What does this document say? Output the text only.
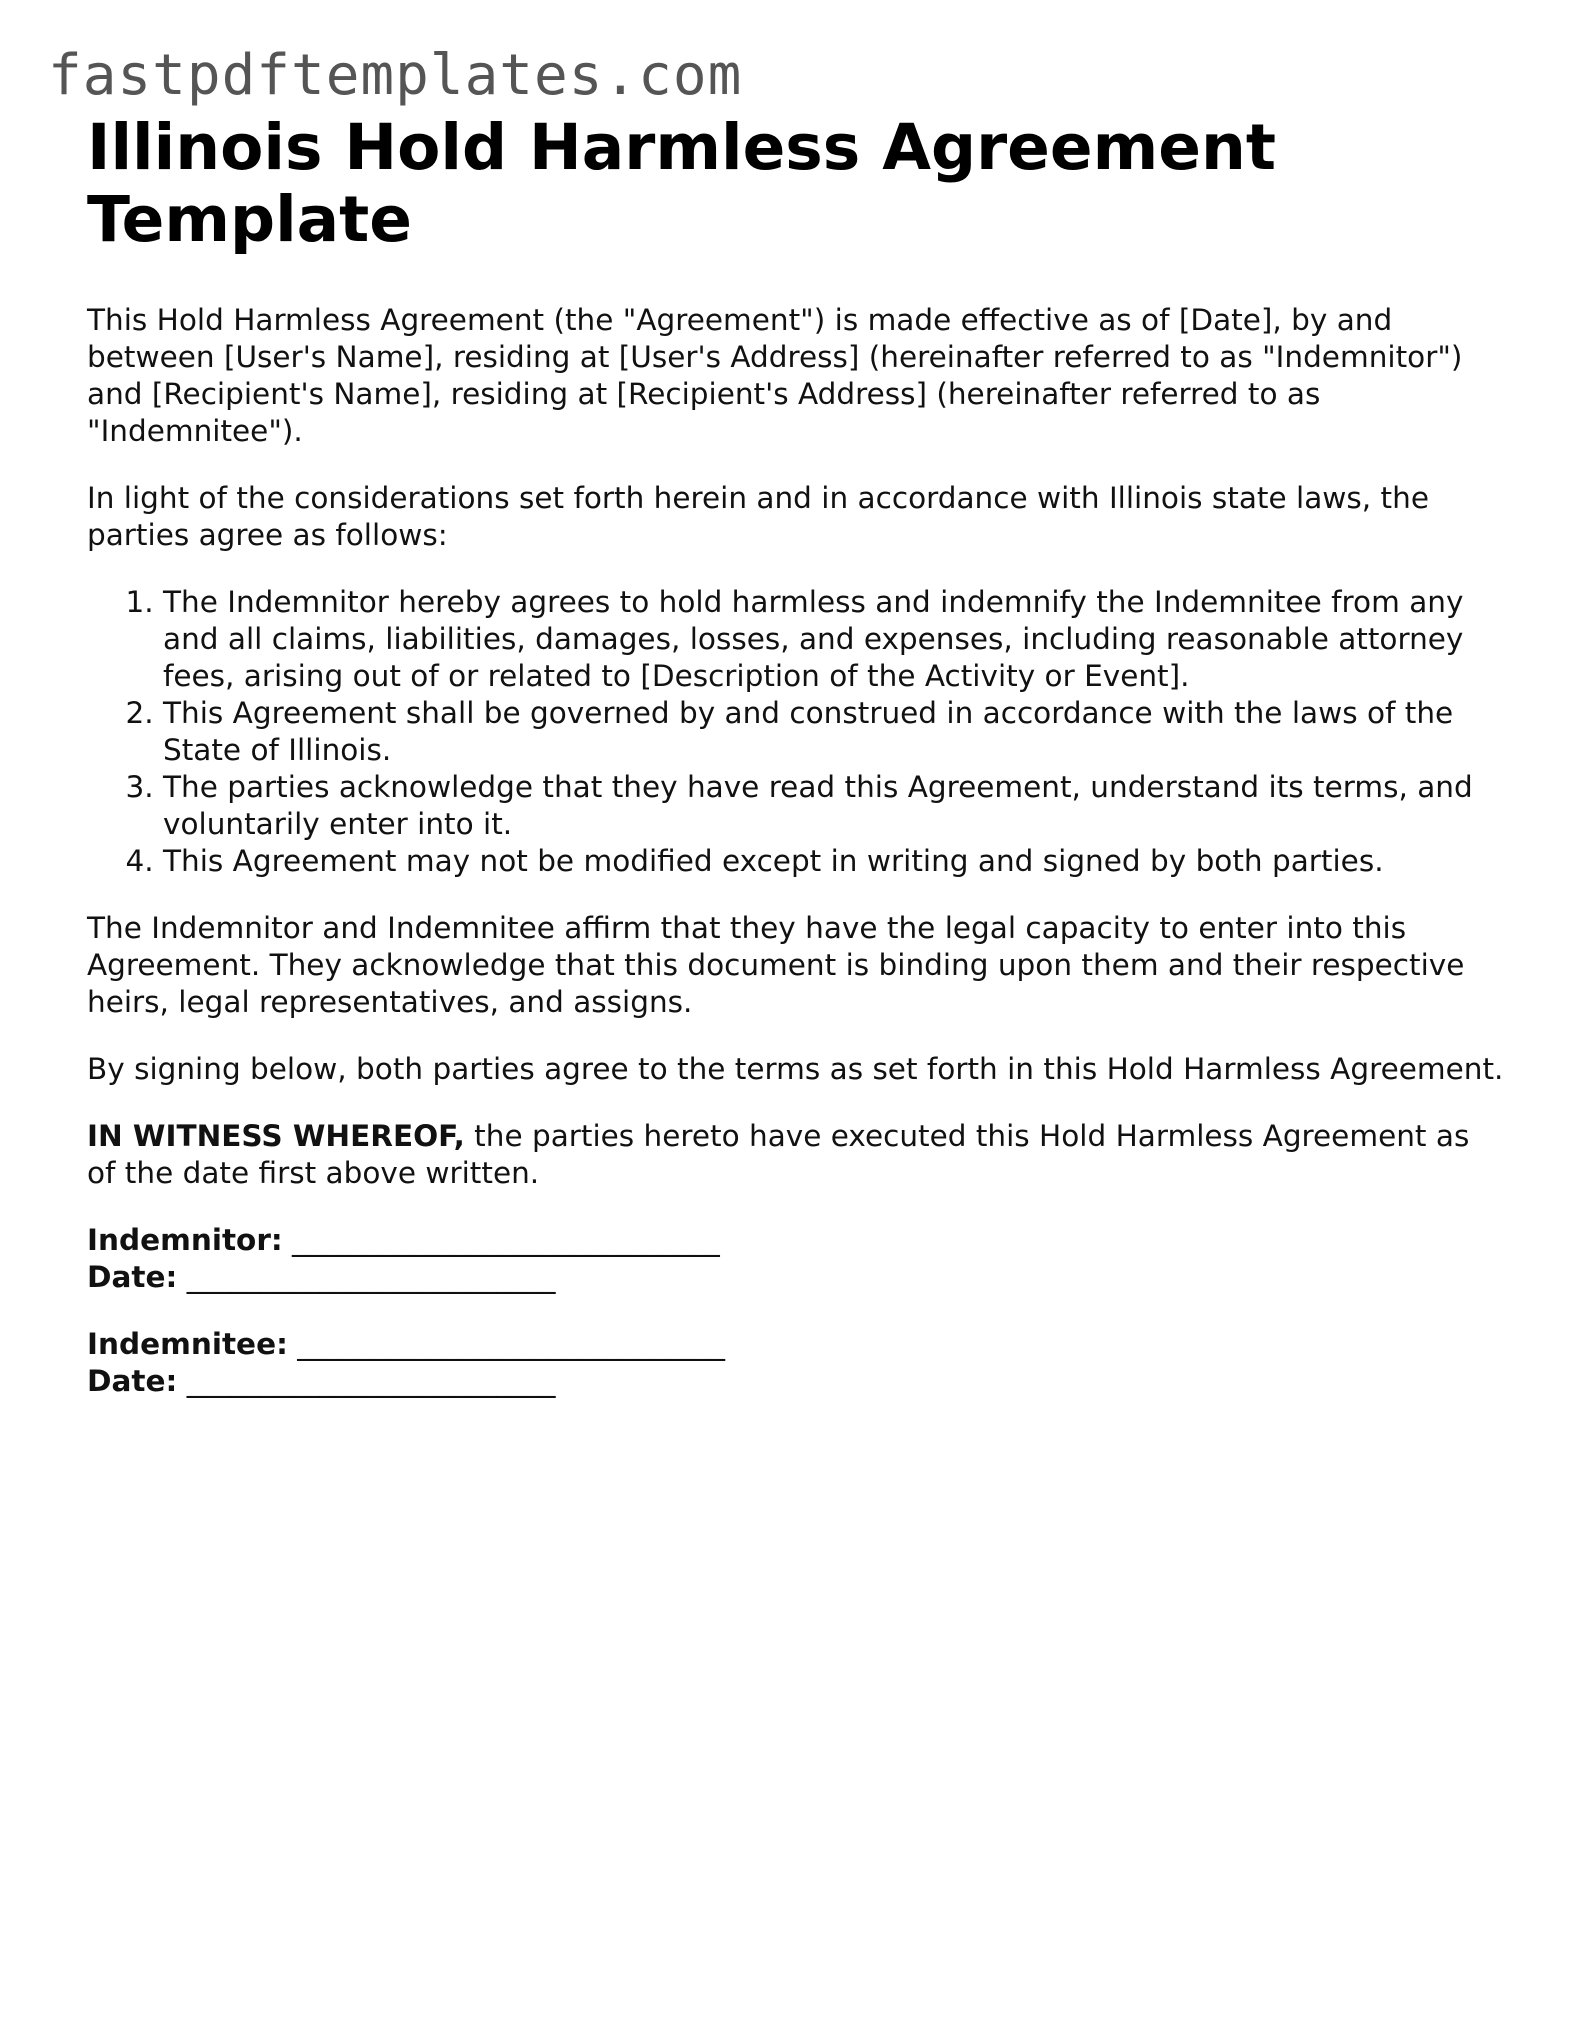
fastpdftemplates.com
Illinois Hold Harmless Agreement Template

This Hold Harmless Agreement (the "Agreement") is made effective as of [Date], by and between [User's Name], residing at [User's Address] (hereinafter referred to as "Indemnitor") and [Recipient's Name], residing at [Recipient's Address] (hereinafter referred to as "Indemnitee").

In light of the considerations set forth herein and in accordance with Illinois state laws, the parties agree as follows:

1. The Indemnitor hereby agrees to hold harmless and indemnify the Indemnitee from any and all claims, liabilities, damages, losses, and expenses, including reasonable attorney fees, arising out of or related to [Description of the Activity or Event].
2. This Agreement shall be governed by and construed in accordance with the laws of the State of Illinois.
3. The parties acknowledge that they have read this Agreement, understand its terms, and voluntarily enter into it.
4. This Agreement may not be modified except in writing and signed by both parties.

The Indemnitor and Indemnitee affirm that they have the legal capacity to enter into this Agreement. They acknowledge that this document is binding upon them and their respective heirs, legal representatives, and assigns.

By signing below, both parties agree to the terms as set forth in this Hold Harmless Agreement.

IN WITNESS WHEREOF, the parties hereto have executed this Hold Harmless Agreement as of the date first above written.

Indemnitor: _____________________________
Date: _________________________
Indemnitee: _____________________________
Date: _________________________
